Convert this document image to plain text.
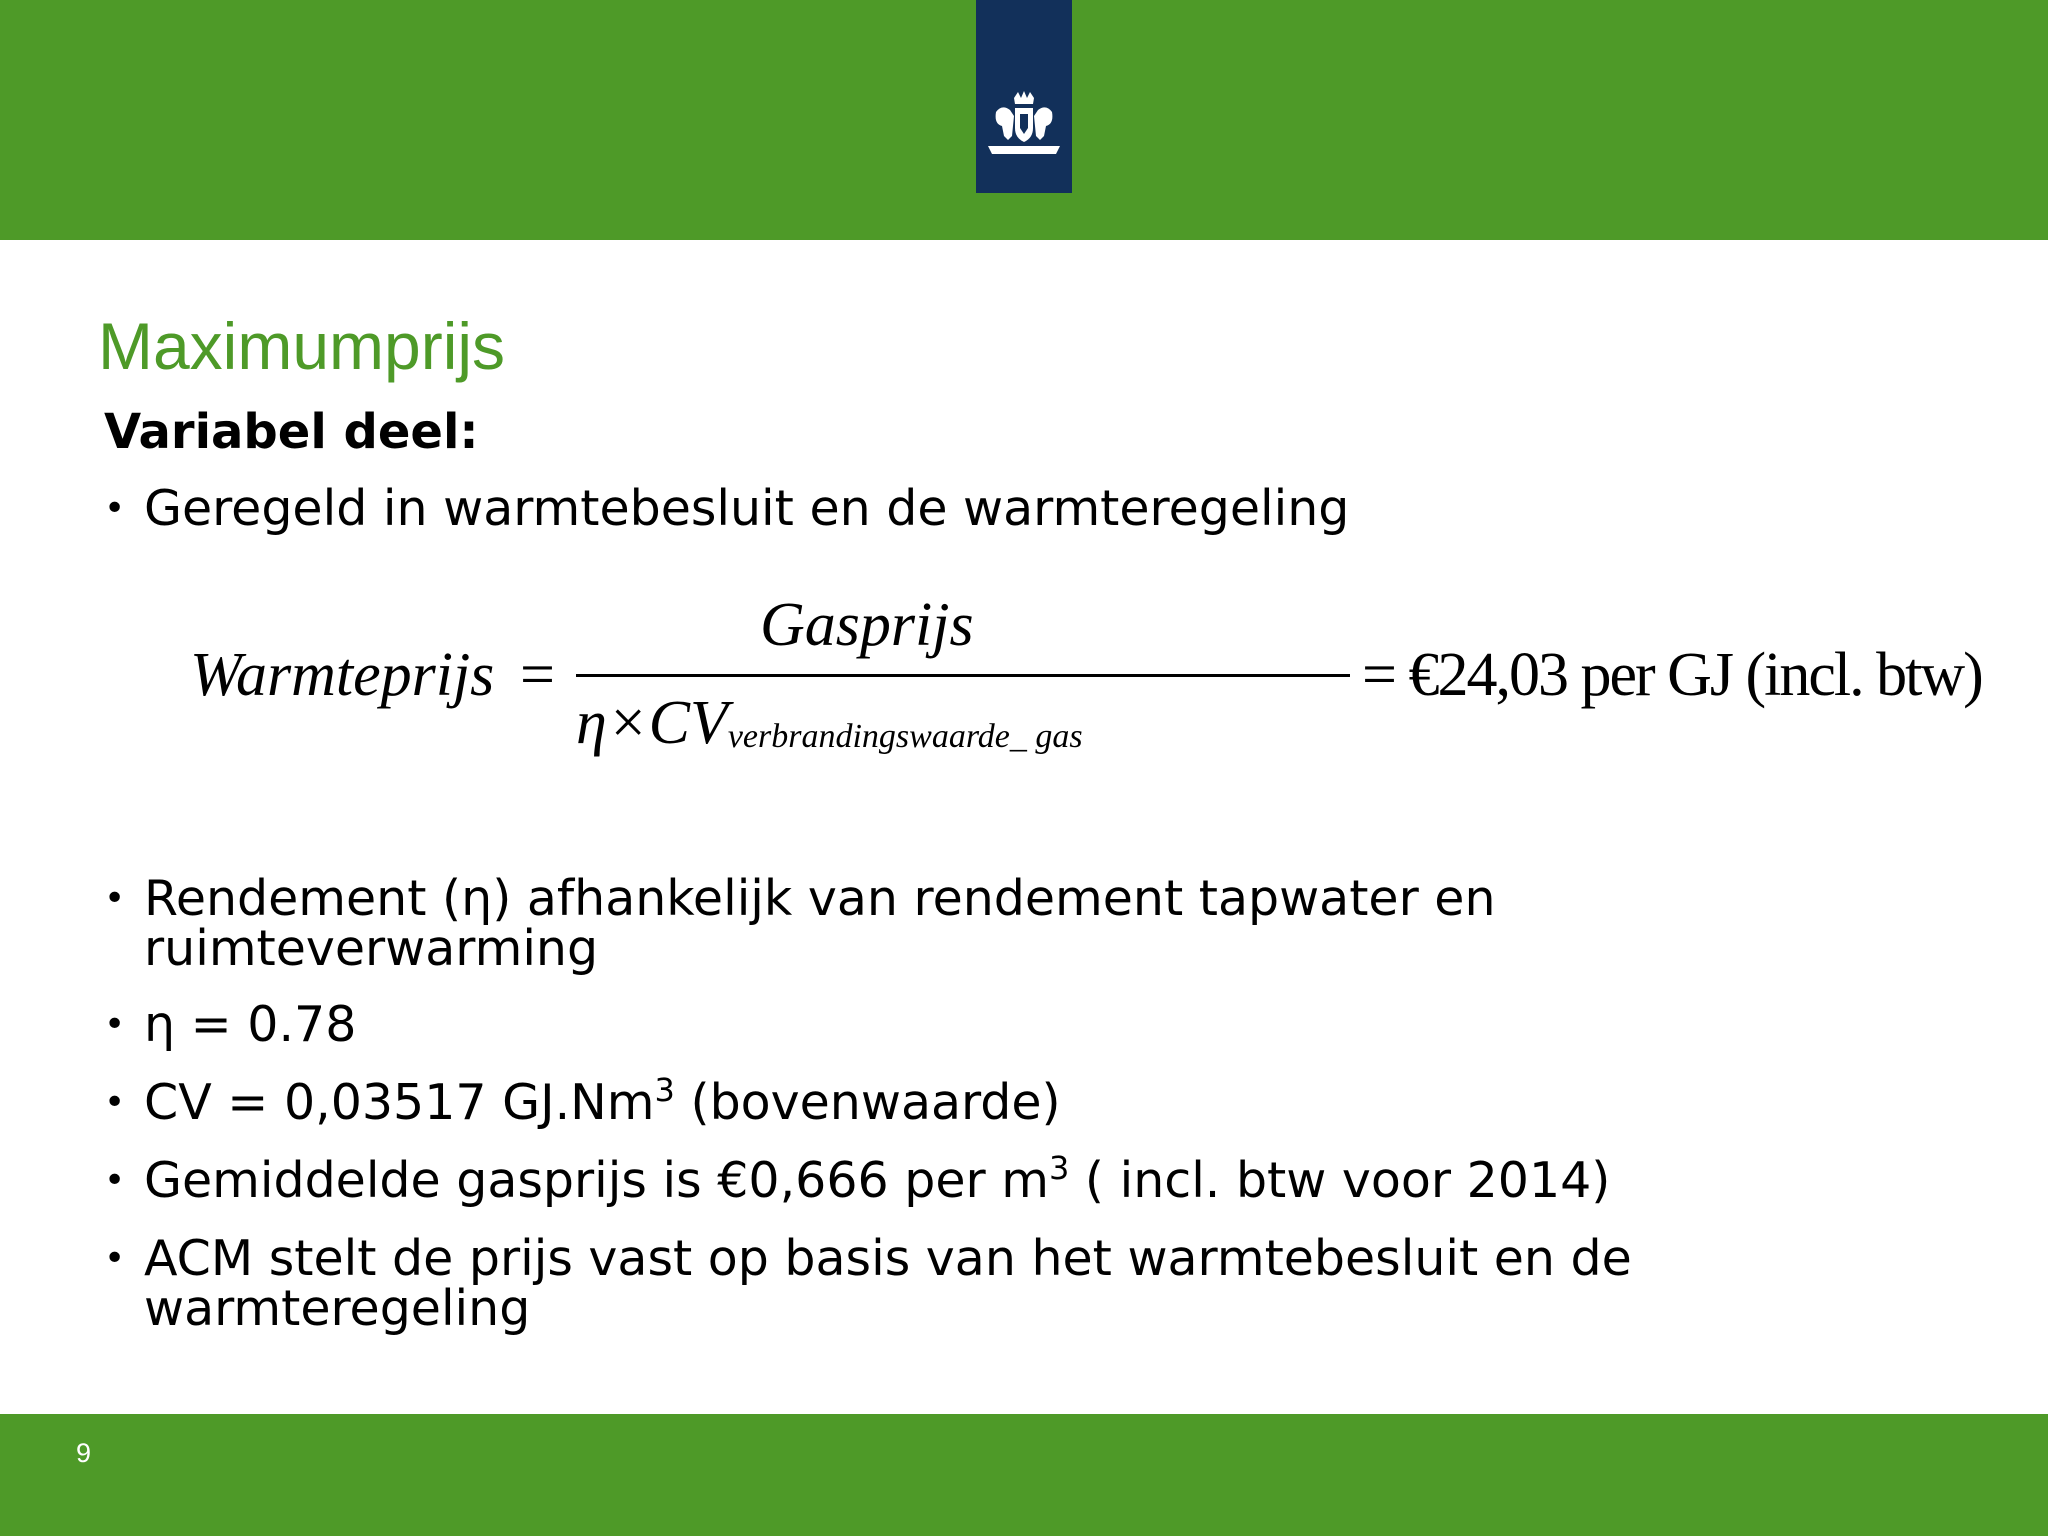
Maximumprijs
Variabel deel:
• Geregeld in warmtebesluit en de warmteregeling
Warmteprijs =
Gasprijs
η×CVverbrandingswaarde_ gas
= €24,03 per GJ (incl. btw)
• Rendement (η) afhankelijk van rendement tapwater en
ruimteverwarming
• η = 0.78
• CV = 0,03517 GJ.Nm$^3$ (bovenwaarde)
• Gemiddelde gasprijs is €0,666 per $m^3$ ( incl. btw voor 2014)
• ACM stelt de prijs vast op basis van het warmtebesluit en de
warmteregeling
9
